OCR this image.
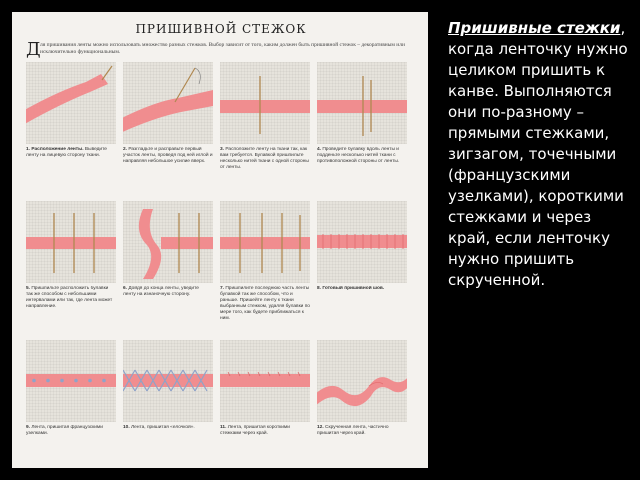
ПРИШИВНОЙ СТЕЖОК
Д ля пришивания ленты можно использовать множество разных стежков. Выбор зависит от того, каким должен быть пришивной стежок – декоративным или исключительно функциональным.
1. Расположение ленты. Выведите ленту на лицевую сторону ткани.
2. Разгладьте и расправьте первый участок ленты, проведя под ней иглой и направляя небольшое усилие вверх.
3. Расположите ленту на ткани так, как вам требуется. Булавкой пришпильте несколько нитей ткани с одной стороны от ленты.
4. Проведите булавку вдоль ленты и подденьте несколько нитей ткани с противоположной стороны от ленты.
5. Пришпильте расположить булавки так же способом с небольшими интервалами или так, где лента может направление.
6. Дойдя до конца ленты, уведите ленту на изнаночную сторону.
7. Пришпилите последнюю часть ленты булавкой так же способом, что и раньше. Пришейте ленту к ткани выбранным стежком, удаляя булавки по мере того, как будете приближаться к ним.
8. Готовый пришивной шов.
9. Лента, пришитая французскими узелками.
10. Лента, пришитая «елочкой».	11. Лента, пришитая короткими стежками через край.
12. Скрученная лента, частично пришитая через край.

Пришивные стежки, когда ленточку нужно целиком пришить к канве. Выполняются они по-разному – прямыми стежками, зигзагом, точечными (французскими узелками), короткими стежками и через край, если ленточку нужно пришить скрученной.
